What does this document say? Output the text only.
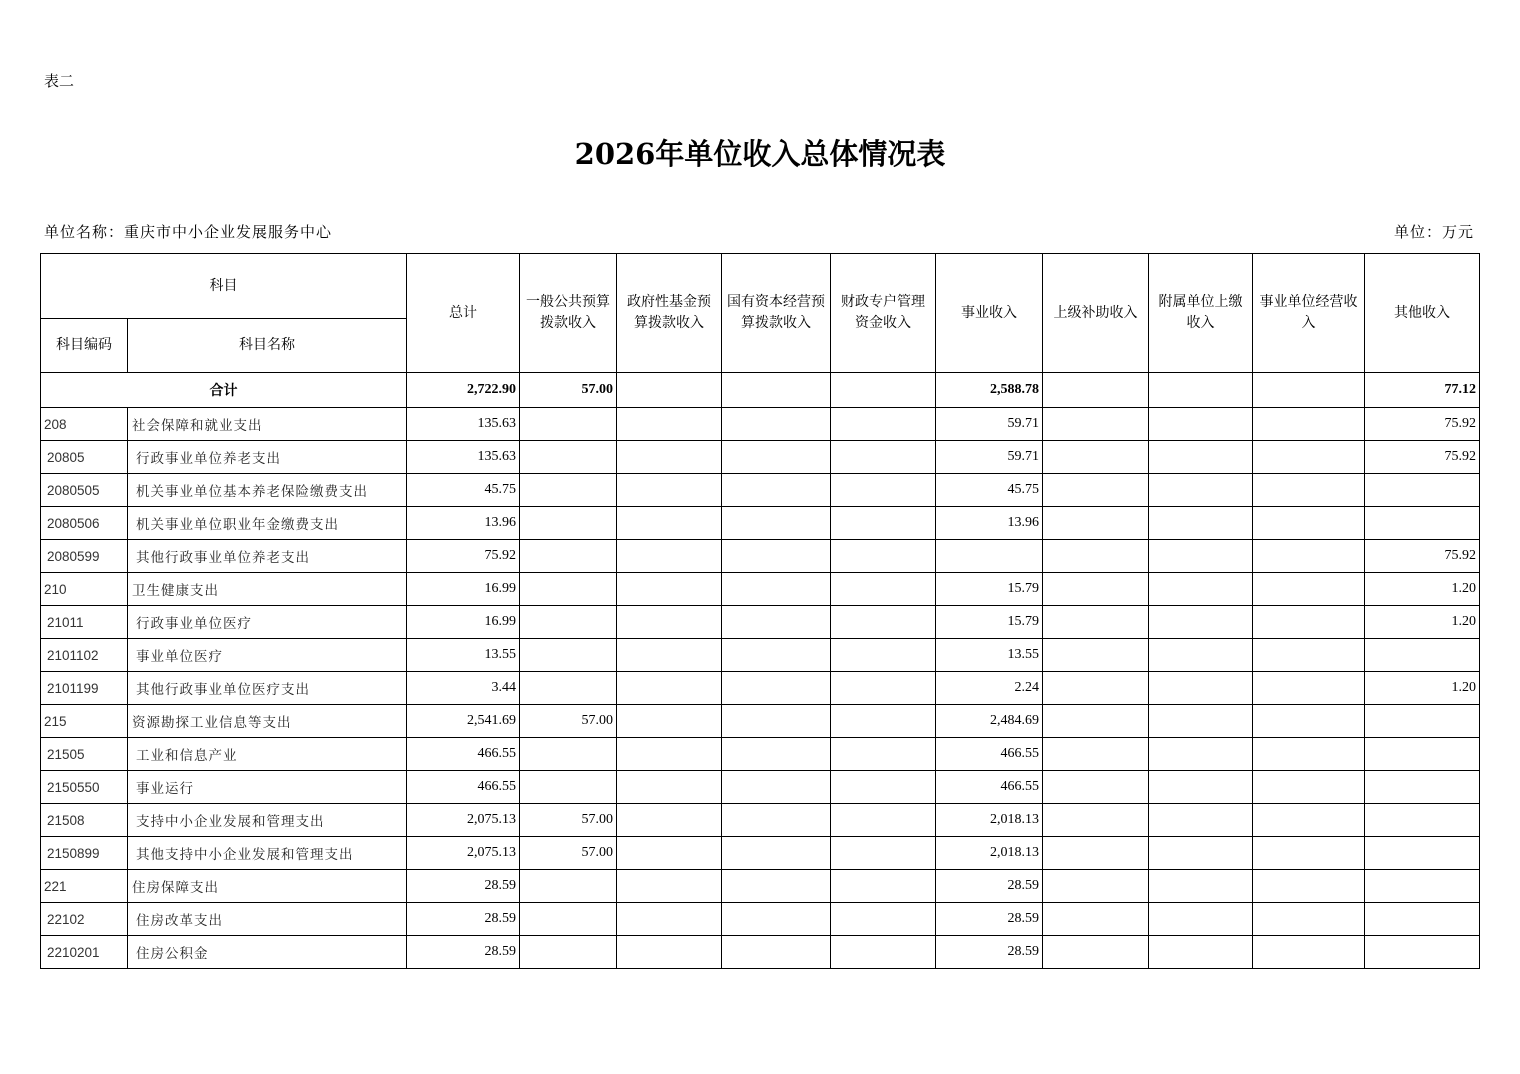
表二
2026年单位收入总体情况表
单位名称：重庆市中小企业发展服务中心	单位：万元
科目		总计	一般公共预算拨款收入	政府性基金预算拨款收入	国有资本经营预算拨款收入	财政专户管理资金收入	事业收入	上级补助收入	附属单位上缴收入	事业单位经营收入	其他收入
科目编码	科目名称										
合计		2,722.90	57.00				2,588.78				77.12
208	社会保障和就业支出	135.63					59.71				75.92
20805	行政事业单位养老支出	135.63					59.71				75.92
2080505	机关事业单位基本养老保险缴费支出	45.75					45.75				
2080506	机关事业单位职业年金缴费支出	13.96					13.96				
2080599	其他行政事业单位养老支出	75.92									75.92
210	卫生健康支出	16.99					15.79				1.20
21011	行政事业单位医疗	16.99					15.79				1.20
2101102	事业单位医疗	13.55					13.55				
2101199	其他行政事业单位医疗支出	3.44					2.24				1.20
215	资源勘探工业信息等支出	2,541.69	57.00				2,484.69				
21505	工业和信息产业	466.55					466.55				
2150550	事业运行	466.55					466.55				
21508	支持中小企业发展和管理支出	2,075.13	57.00				2,018.13				
2150899	其他支持中小企业发展和管理支出	2,075.13	57.00				2,018.13				
221	住房保障支出	28.59					28.59				
22102	住房改革支出	28.59					28.59				
2210201	住房公积金	28.59					28.59				
